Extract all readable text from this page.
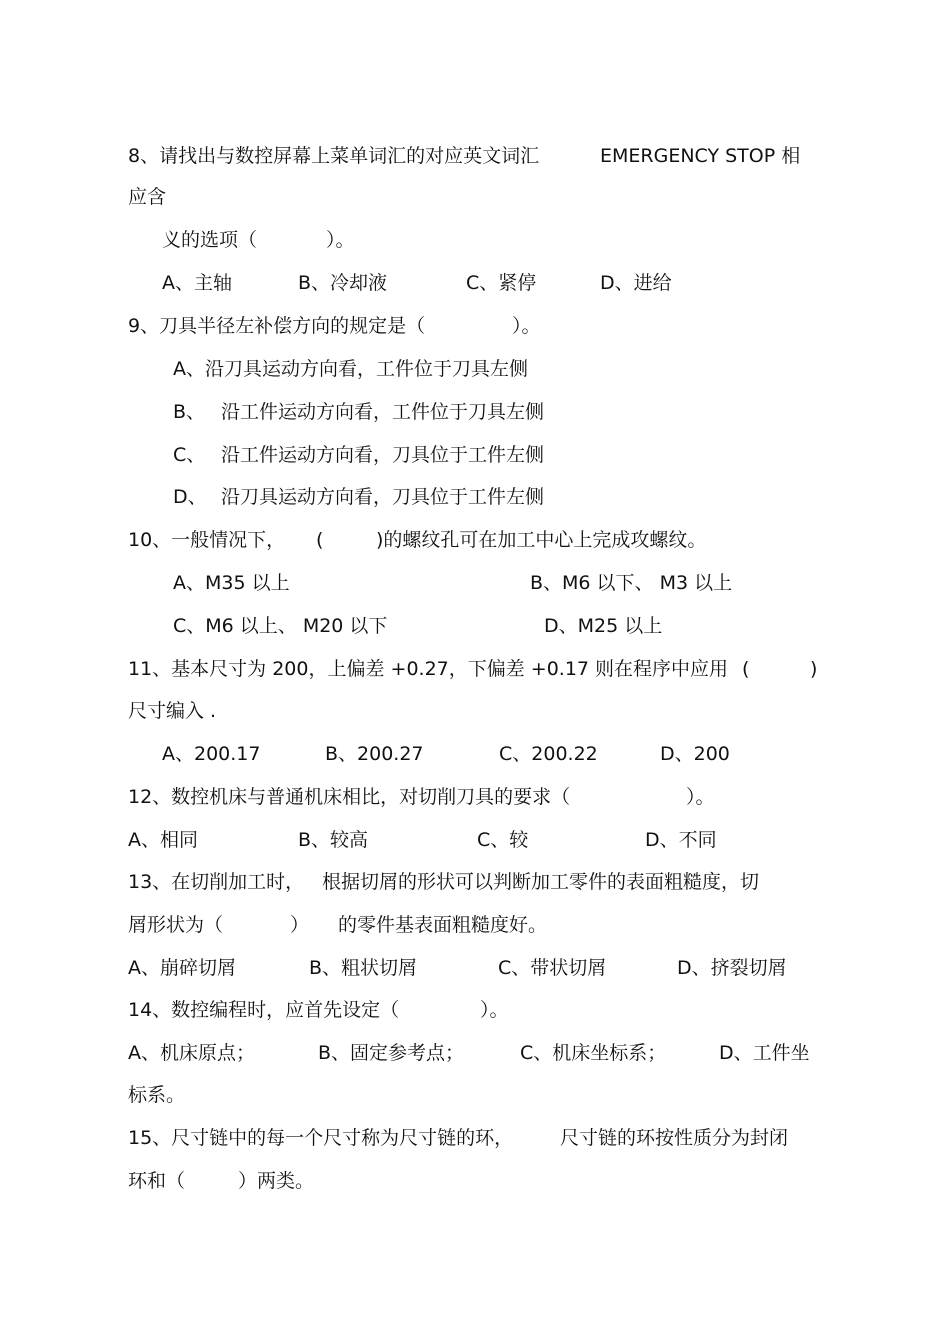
8、请找出与数控屏幕上菜单词汇的对应英文词汇	EMERGENCY STOP 相
应含
义的选项（	）。
A、主轴	B、冷却液	C、紧停	D、进给
9、刀具半径左补偿方向的规定是（	）。
A、沿刀具运动方向看，工件位于刀具左侧
B、 沿工件运动方向看，工件位于刀具左侧
C、 沿工件运动方向看，刀具位于工件左侧
D、 沿刀具运动方向看，刀具位于工件左侧
10、一般情况下， (	)的螺纹孔可在加工中心上完成攻螺纹。
A、M35 以上	B、M6 以下、 M3 以上
C、M6 以上、 M20 以下	D、M25 以上
11、基本尺寸为 200，上偏差 +0.27，下偏差 +0.17 则在程序中应用 (	)
尺寸编入 .
A、200.17	B、200.27	C、200.22	D、200
12、数控机床与普通机床相比，对切削刀具的要求（	）。
A、相同	B、较高	C、较	D、不同
13、在切削加工时， 根据切屑的形状可以判断加工零件的表面粗糙度，切
屑形状为（	） 的零件基表面粗糙度好。
A、崩碎切屑	B、粗状切屑	C、带状切屑	D、挤裂切屑
14、数控编程时，应首先设定（	）。
A、机床原点；	B、固定参考点；	C、机床坐标系；	D、工件坐
标系。
15、尺寸链中的每一个尺寸称为尺寸链的环， 尺寸链的环按性质分为封闭
环和（	）两类。
